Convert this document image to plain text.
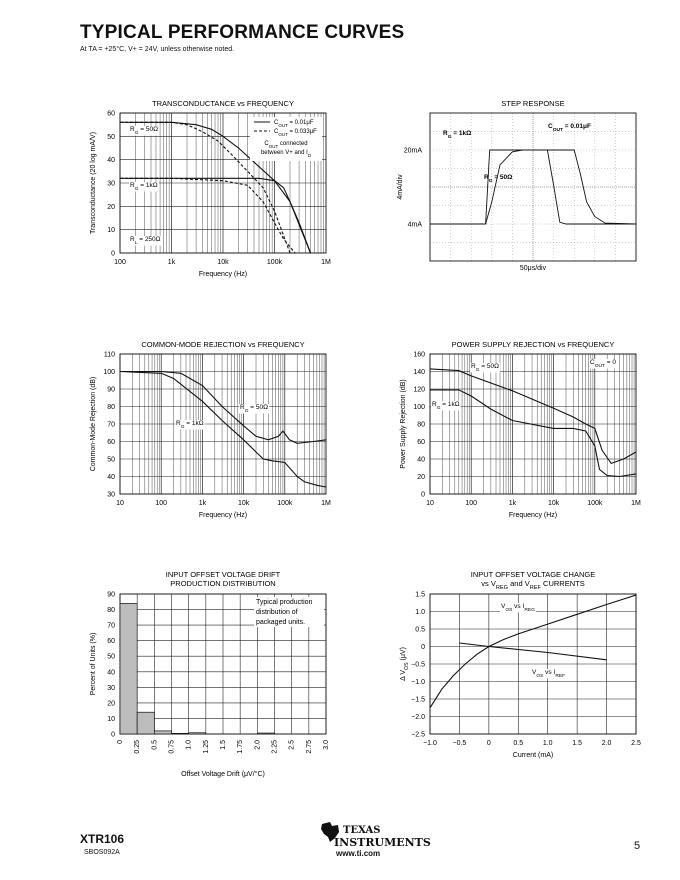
TYPICAL PERFORMANCE CURVES
At TA = +25°C, V+ = 24V, unless otherwise noted.
TRANSCONDUCTANCE vs FREQUENCY
0
10
20
30
40
50
60
100	1k	10k	100k	1M
Frequency (Hz)
Transconductance (20 log mA/V)
$R_G = 50\Omega$
$R_G = 1k\Omega$
$R_L = 250\Omega$
$C_{OUT} = 0.01\mu F$
$C_{OUT} = 0.033\mu F$
$C_{OUT}$ connected
between V+ and $I_D$
STEP RESPONSE
20mA
4mA
50μs/div
4mA/div
$C_{OUT} = 0.01\mu F$
$R_G = 1k\Omega$
$R_G = 50\Omega$
COMMON-MODE REJECTION vs FREQUENCY
30
40
50
60
70
80
90
100
110
10	100	1k	10k	100k	1M
Frequency (Hz)
Common-Mode Rejection (dB)	$R_G = 1k\Omega$
$R_G = 50\Omega$
POWER SUPPLY REJECTION vs FREQUENCY
0
20
40
60
80
100
120
140
160
10	100	1k	10k	100k	1M
Frequency (Hz)
Power Supply Rejection (dB)
$R_G = 50\Omega$
$R_G = 1k\Omega$
$C_{OUT} = 0$
INPUT OFFSET VOLTAGE DRIFT
PRODUCTION DISTRIBUTION
0
10
20
30
40
50
60
70
80
90
0 0.25 0.5 0.75 1.0 1.25 1.5 1.75 2.0 2.25 2.5 2.75 3.0
Offset Voltage Drift (μV/°C)
Percent of Units (%)
Typical production
distribution of
packaged units.
INPUT OFFSET VOLTAGE CHANGE
vs $V_{REG}$ and $V_{REF}$ CURRENTS
−2.5
−2.0
−1.5
−1.0
−0.5
0
0.5
1.0
1.5
−1.0 −0.5	0	0.5	1.0	1.5	2.0	2.5
Current (mA)
Δ $V_{OS}$ (μV)
$V_{OS}$ vs $I_{REG}$
$V_{OS}$ vs $I_{REF}$
XTR106
SBOS092A
5
TEXAS
INSTRUMENTS
www.ti.com
